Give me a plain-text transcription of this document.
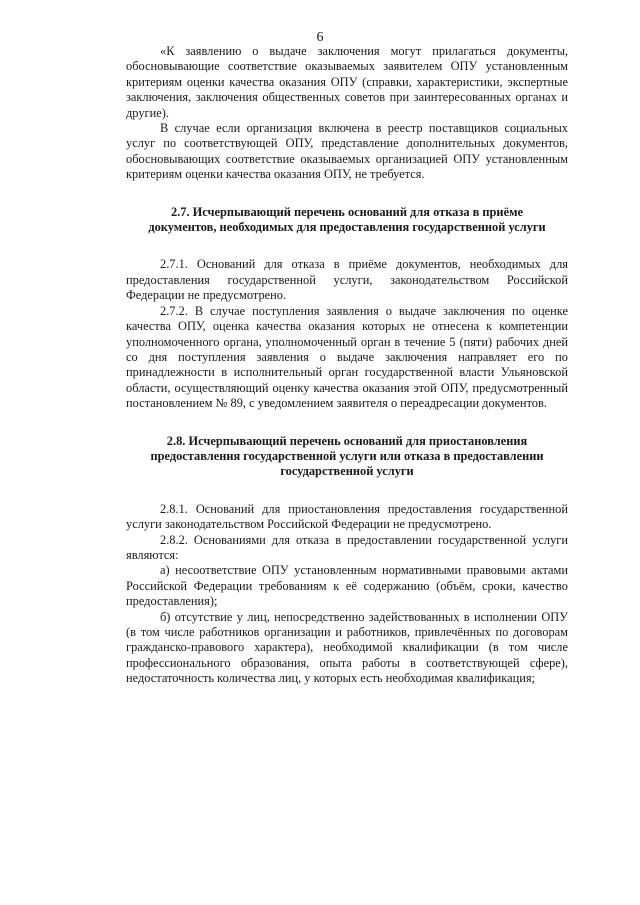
6

«К заявлению о выдаче заключения могут прилагаться документы, обосновывающие соответствие оказываемых заявителем ОПУ установленным критериям оценки качества оказания ОПУ (справки, характеристики, экспертные заключения, заключения общественных советов при заинтересованных органах и другие).

В случае если организация включена в реестр поставщиков социальных услуг по соответствующей ОПУ, представление дополнительных документов, обосновывающих соответствие оказываемых организацией ОПУ установленным критериям оценки качества оказания ОПУ, не требуется.

2.7. Исчерпывающий перечень оснований для отказа в приёме документов, необходимых для предоставления государственной услуги

2.7.1. Оснований для отказа в приёме документов, необходимых для предоставления государственной услуги, законодательством Российской Федерации не предусмотрено.

2.7.2. В случае поступления заявления о выдаче заключения по оценке качества ОПУ, оценка качества оказания которых не отнесена к компетенции уполномоченного органа, уполномоченный орган в течение 5 (пяти) рабочих дней со дня поступления заявления о выдаче заключения направляет его по принадлежности в исполнительный орган государственной власти Ульяновской области, осуществляющий оценку качества оказания этой ОПУ, предусмотренный постановлением № 89, с уведомлением заявителя о переадресации документов.

2.8. Исчерпывающий перечень оснований для приостановления предоставления государственной услуги или отказа в предоставлении государственной услуги

2.8.1. Оснований для приостановления предоставления государственной услуги законодательством Российской Федерации не предусмотрено.

2.8.2. Основаниями для отказа в предоставлении государственной услуги являются:

а) несоответствие ОПУ установленным нормативными правовыми актами Российской Федерации требованиям к её содержанию (объём, сроки, качество предоставления);

б) отсутствие у лиц, непосредственно задействованных в исполнении ОПУ (в том числе работников организации и работников, привлечённых по договорам гражданско-правового характера), необходимой квалификации (в том числе профессионального образования, опыта работы в соответствующей сфере), недостаточность количества лиц, у которых есть необходимая квалификация;
